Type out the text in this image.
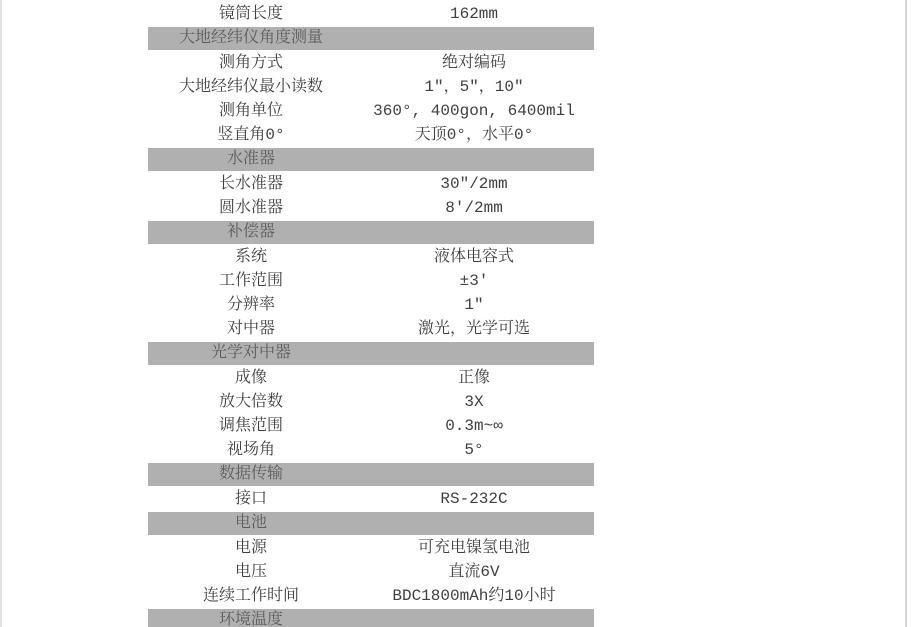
镜筒长度	162mm
大地经纬仪角度测量
测角方式	绝对编码
大地经纬仪最小读数	1″，5″，10″
测角单位	360°, 400gon, 6400mil
竖直角0°	天顶0°，水平0°
水准器
长水准器	30″/2mm
圆水准器	8′/2mm
补偿器
系统	液体电容式
工作范围	±3′
分辨率	1″
对中器	激光，光学可选
光学对中器
成像	正像
放大倍数	3X
调焦范围	0.3m~∞
视场角	5°
数据传输
接口	RS-232C
电池
电源	可充电镍氢电池
电压	直流6V
连续工作时间	BDC1800mAh约10小时
环境温度
